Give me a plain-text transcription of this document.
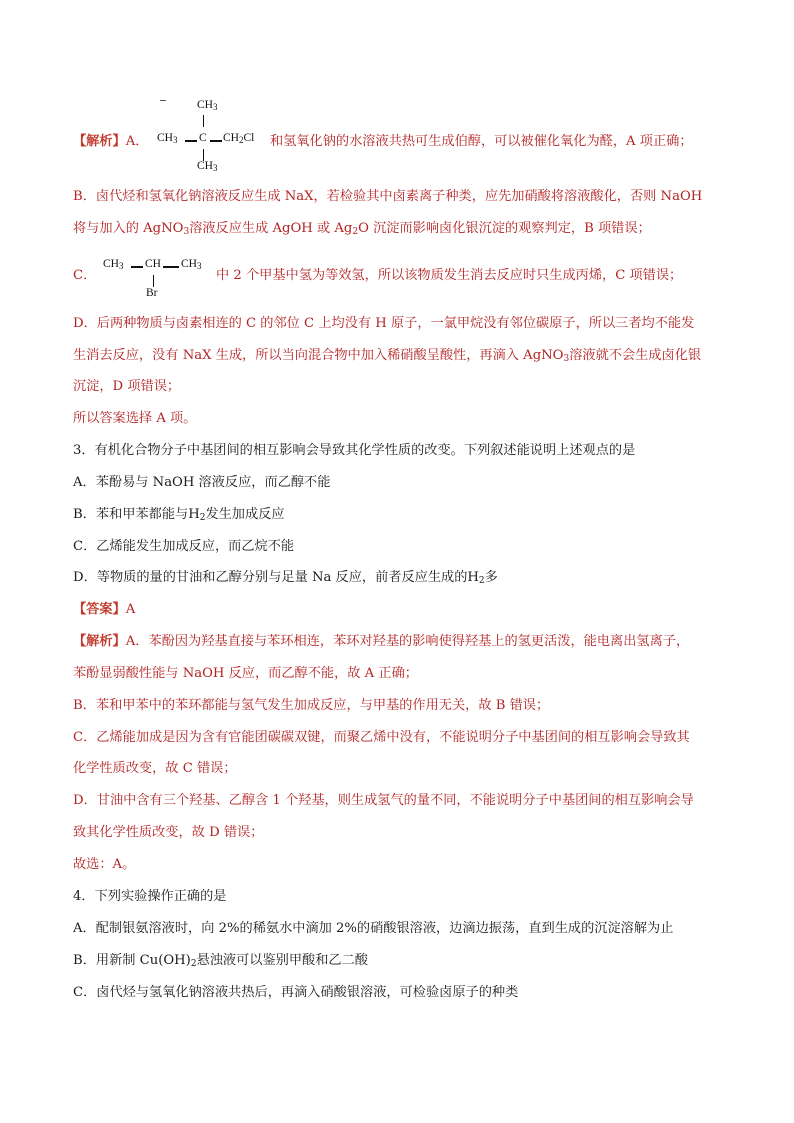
【解析】A．
$CH_3$
$CH_3$ C $CH_2Cl$
$CH_3$
和氢氧化钠的水溶液共热可生成伯醇，可以被催化氧化为醛，A 项正确；
B．卤代烃和氢氧化钠溶液反应生成 NaX，若检验其中卤素离子种类，应先加硝酸将溶液酸化，否则 NaOH
将与加入的 AgNO$_3$溶液反应生成 AgOH 或 $Ag_2O$ 沉淀而影响卤化银沉淀的观察判定，B 项错误；
C．
$CH_3$ CH $CH_3$
Br
中 2 个甲基中氢为等效氢，所以该物质发生消去反应时只生成丙烯，C 项错误；
D．后两种物质与卤素相连的 C 的邻位 C 上均没有 H 原子，一氯甲烷没有邻位碳原子，所以三者均不能发
生消去反应，没有 NaX 生成，所以当向混合物中加入稀硝酸呈酸性，再滴入 AgNO$_3$溶液就不会生成卤化银
沉淀，D 项错误；
所以答案选择 A 项。
3．有机化合物分子中基团间的相互影响会导致其化学性质的改变。下列叙述能说明上述观点的是
A．苯酚易与 NaOH 溶液反应，而乙醇不能
B．苯和甲苯都能与$H_2$发生加成反应
C．乙烯能发生加成反应，而乙烷不能
D．等物质的量的甘油和乙醇分别与足量 Na 反应，前者反应生成的$H_2$多
【答案】A
【解析】A．苯酚因为羟基直接与苯环相连，苯环对羟基的影响使得羟基上的氢更活泼，能电离出氢离子，
苯酚显弱酸性能与 NaOH 反应，而乙醇不能，故 A 正确；
B．苯和甲苯中的苯环都能与氢气发生加成反应，与甲基的作用无关，故 B 错误；
C．乙烯能加成是因为含有官能团碳碳双键，而聚乙烯中没有，不能说明分子中基团间的相互影响会导致其
化学性质改变，故 C 错误；
D．甘油中含有三个羟基、乙醇含 1 个羟基，则生成氢气的量不同，不能说明分子中基团间的相互影响会导
致其化学性质改变，故 D 错误；
故选：A。
4．下列实验操作正确的是
A．配制银氨溶液时，向 2%的稀氨水中滴加 2%的硝酸银溶液，边滴边振荡，直到生成的沉淀溶解为止
B．用新制 $Cu(OH)_2$悬浊液可以鉴别甲酸和乙二酸
C．卤代烃与氢氧化钠溶液共热后，再滴入硝酸银溶液，可检验卤原子的种类
